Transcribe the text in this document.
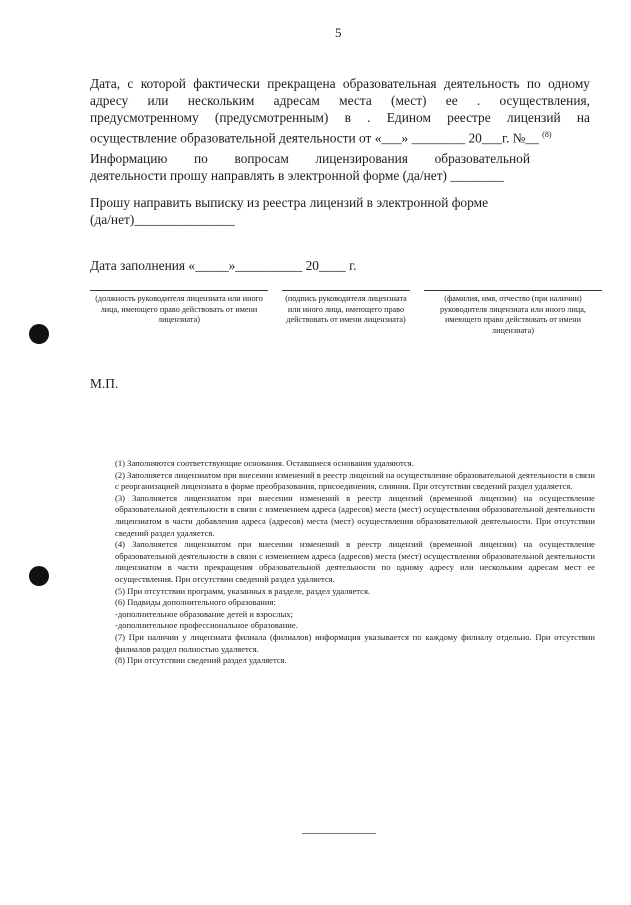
5
Дата, с которой фактически прекращена образовательная деятельность по одному
адресу или нескольким адресам места (мест) ее . осуществления,
предусмотренному (предусмотренным) в . Едином реестре лицензий на
осуществление образовательной деятельности от «___» ________ 20___г. №__ $^{(8)}$
Информацию по вопросам лицензирования образовательной
деятельности прошу направлять в электронной форме (да/нет) ________
Прошу направить выписку из реестра лицензий в электронной форме
(да/нет)_______________
Дата заполнения «_____»__________ 20____ г.
(должность руководителя лицензиата или иного лица, имеющего право действовать от имени лицензиата)
(подпись руководителя лицензиата или иного лица, имеющего право действовать от имени лицензиата)
(фамилия, имя, отчество (при наличии) руководителя лицензиата или иного лица, имеющего право действовать от имени лицензиата)
М.П.

(1) Заполняются соответствующие основания. Оставшиеся основания удаляются.

(2) Заполняется лицензиатом при внесении изменений в реестр лицензий на осуществление образовательной деятельности в связи с реорганизацией лицензиата в форме преобразования, присоединения, слияния. При отсутствии сведений раздел удаляется.

(3) Заполняется лицензиатом при внесении изменений в реестр лицензий (временной лицензии) на осуществление образовательной деятельности в связи с изменением адреса (адресов) места (мест) осуществления образовательной деятельности лицензиатом в части добавления адреса (адресов) места (мест) осуществления образовательной деятельности. При отсутствии сведений раздел удаляется.

(4) Заполняется лицензиатом при внесении изменений в реестр лицензий (временной лицензии) на осуществление образовательной деятельности в связи с изменением адреса (адресов) места (мест) осуществления образовательной деятельности лицензиатом в части прекращения образовательной деятельности по одному адресу или нескольким адресам мест ее осуществления. При отсутствии сведений раздел удаляется.

(5) При отсутствии программ, указанных в разделе, раздел удаляется.

(6) Подвиды дополнительного образования:

-дополнительное образование детей и взрослых;

-дополнительное профессиональное образование.

(7) При наличии у лицензиата филиала (филиалов) информация указывается по каждому филиалу отдельно. При отсутствии филиалов раздел полностью удаляется.

(8) При отсутствии сведений раздел удаляется.
